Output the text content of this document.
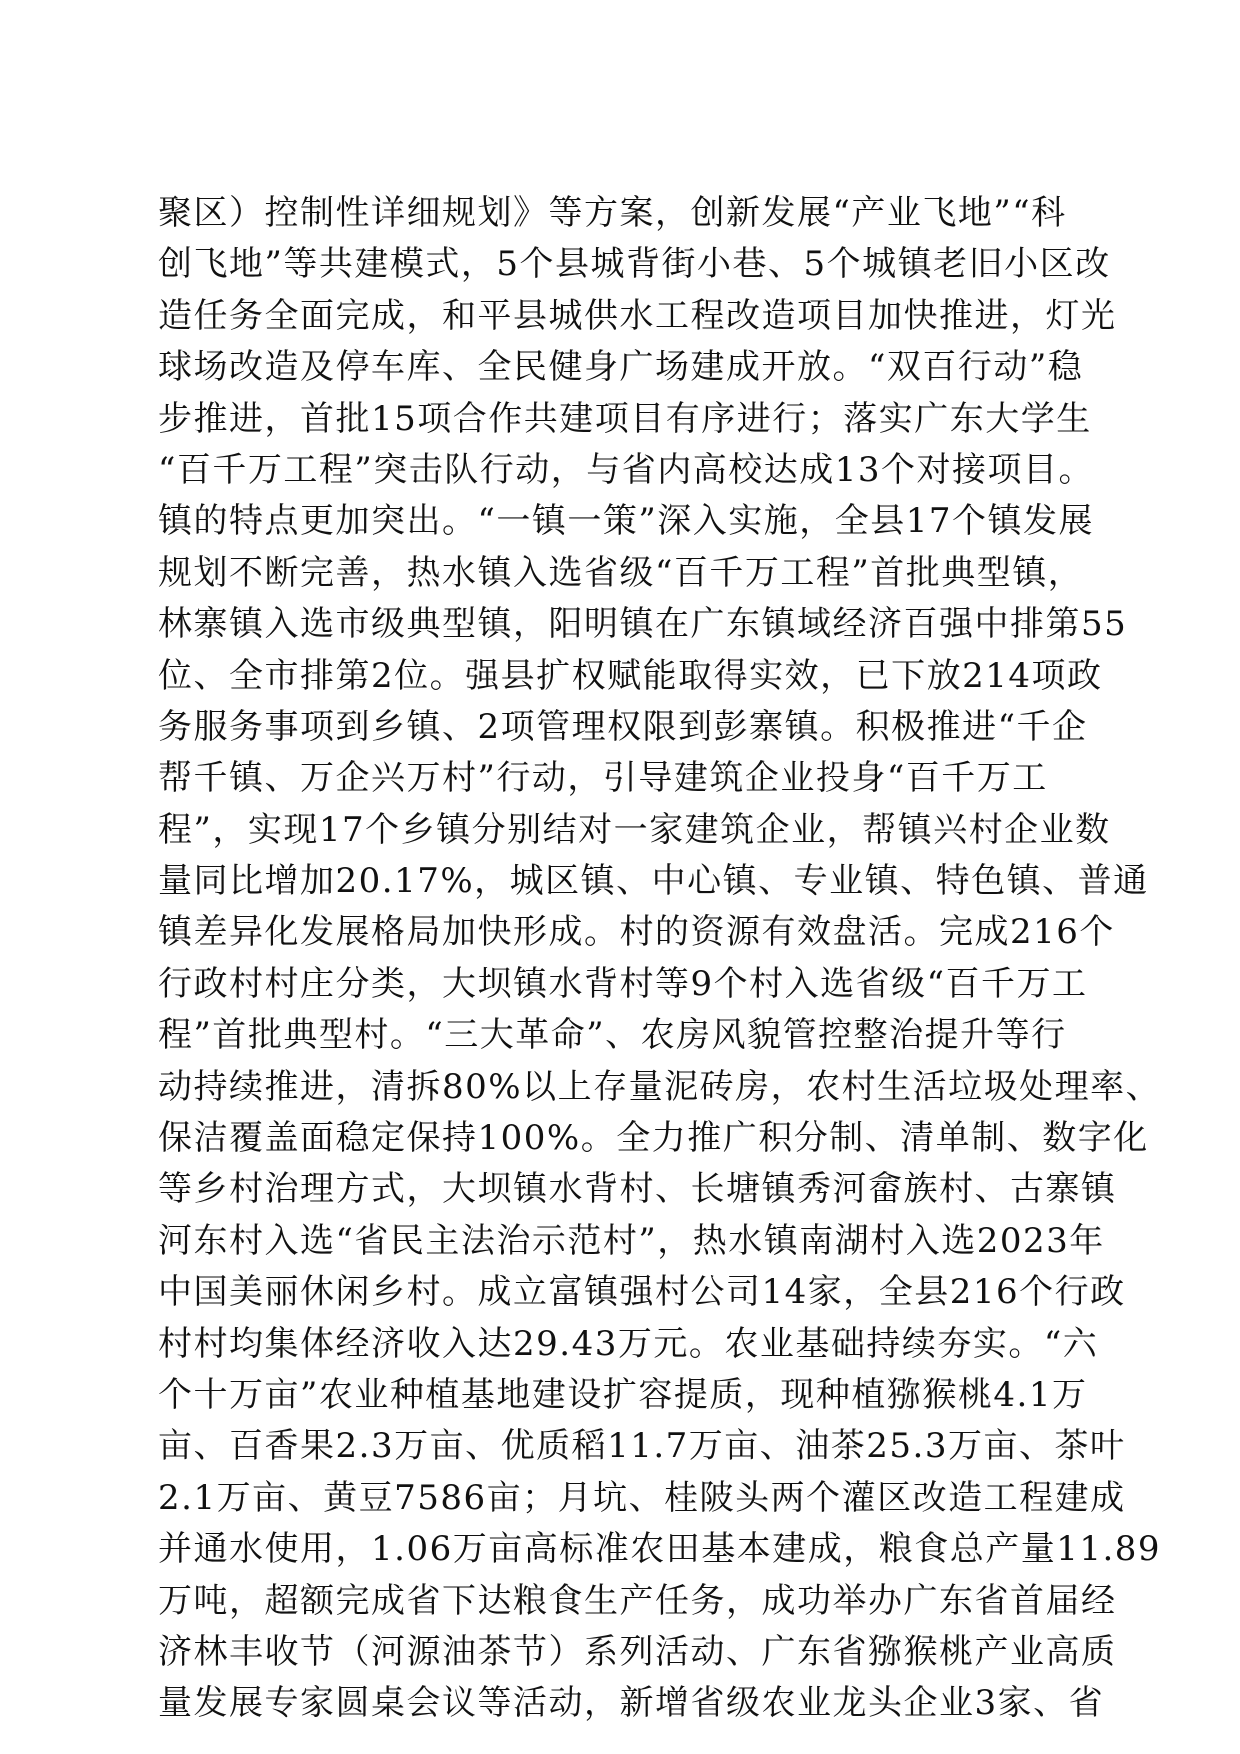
聚区）控制性详细规划》等方案，创新发展“产业飞地”“科
创飞地”等共建模式，5个县城背街小巷、5个城镇老旧小区改
造任务全面完成，和平县城供水工程改造项目加快推进，灯光
球场改造及停车库、全民健身广场建成开放。“双百行动”稳
步推进，首批15项合作共建项目有序进行；落实广东大学生
“百千万工程”突击队行动，与省内高校达成13个对接项目。
镇的特点更加突出。“一镇一策”深入实施，全县17个镇发展
规划不断完善，热水镇入选省级“百千万工程”首批典型镇，
林寨镇入选市级典型镇，阳明镇在广东镇域经济百强中排第55
位、全市排第2位。强县扩权赋能取得实效，已下放214项政
务服务事项到乡镇、2项管理权限到彭寨镇。积极推进“千企
帮千镇、万企兴万村”行动，引导建筑企业投身“百千万工
程”，实现17个乡镇分别结对一家建筑企业，帮镇兴村企业数
量同比增加20.17%，城区镇、中心镇、专业镇、特色镇、普通
镇差异化发展格局加快形成。村的资源有效盘活。完成216个
行政村村庄分类，大坝镇水背村等9个村入选省级“百千万工
程”首批典型村。“三大革命”、农房风貌管控整治提升等行
动持续推进，清拆80%以上存量泥砖房，农村生活垃圾处理率、
保洁覆盖面稳定保持100%。全力推广积分制、清单制、数字化
等乡村治理方式，大坝镇水背村、长塘镇秀河畲族村、古寨镇
河东村入选“省民主法治示范村”，热水镇南湖村入选2023年
中国美丽休闲乡村。成立富镇强村公司14家，全县216个行政
村村均集体经济收入达29.43万元。农业基础持续夯实。“六
个十万亩”农业种植基地建设扩容提质，现种植猕猴桃4.1万
亩、百香果2.3万亩、优质稻11.7万亩、油茶25.3万亩、茶叶
2.1万亩、黄豆7586亩；月坑、桂陂头两个灌区改造工程建成
并通水使用，1.06万亩高标准农田基本建成，粮食总产量11.89
万吨，超额完成省下达粮食生产任务，成功举办广东省首届经
济林丰收节（河源油茶节）系列活动、广东省猕猴桃产业高质
量发展专家圆桌会议等活动，新增省级农业龙头企业3家、省
